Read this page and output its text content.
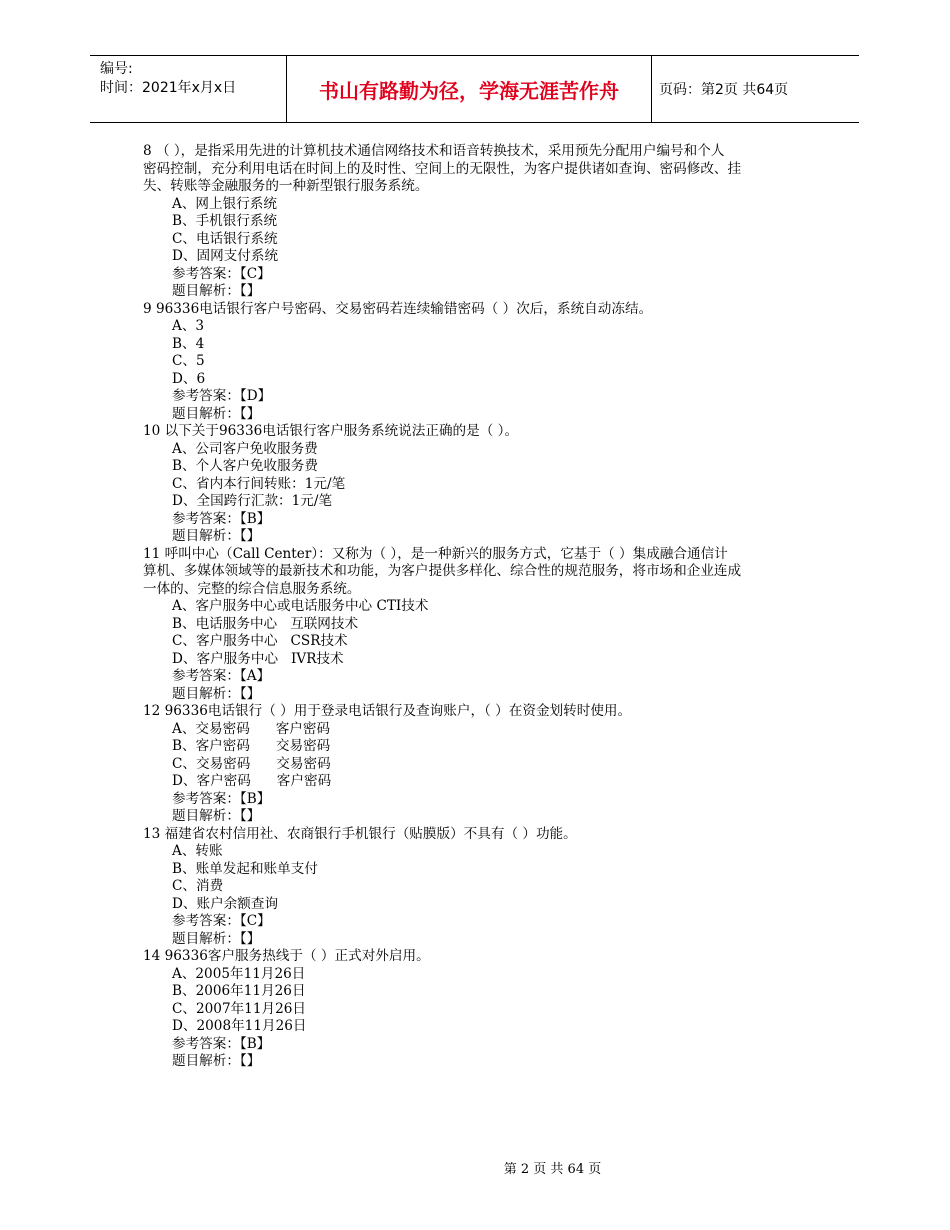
编号:
时间：2021年x月x日	书山有路勤为径，学海无涯苦作舟	页码：第2页 共64页
8 （ ），是指采用先进的计算机技术通信网络技术和语音转换技术，采用预先分配用户编号和个人
密码控制，充分利用电话在时间上的及时性、空间上的无限性，为客户提供诸如查询、密码修改、挂
失、转账等金融服务的一种新型银行服务系统。
A、网上银行系统
B、手机银行系统
C、电话银行系统
D、固网支付系统
参考答案：【C】
题目解析：【】
9 96336电话银行客户号密码、交易密码若连续输错密码（ ）次后，系统自动冻结。
A、3
B、4
C、5
D、6
参考答案：【D】
题目解析：【】
10 以下关于96336电话银行客户服务系统说法正确的是（ ）。
A、公司客户免收服务费
B、个人客户免收服务费
C、省内本行间转账：1元/笔
D、全国跨行汇款：1元/笔
参考答案：【B】
题目解析：【】
11 呼叫中心（Call Center）：又称为（ ），是一种新兴的服务方式，它基于（ ）集成融合通信计
算机、多媒体领域等的最新技术和功能，为客户提供多样化、综合性的规范服务，将市场和企业连成
一体的、完整的综合信息服务系统。
A、客户服务中心或电话服务中心 CTI技术
B、电话服务中心   互联网技术
C、客户服务中心   CSR技术
D、客户服务中心   IVR技术
参考答案：【A】
题目解析：【】
12 96336电话银行（ ）用于登录电话银行及查询账户，（ ）在资金划转时使用。
A、交易密码      客户密码
B、客户密码      交易密码
C、交易密码      交易密码
D、客户密码      客户密码
参考答案：【B】
题目解析：【】
13 福建省农村信用社、农商银行手机银行（贴膜版）不具有（ ）功能。
A、转账
B、账单发起和账单支付
C、消费
D、账户余额查询
参考答案：【C】
题目解析：【】
14 96336客户服务热线于（ ）正式对外启用。
A、2005年11月26日
B、2006年11月26日
C、2007年11月26日
D、2008年11月26日
参考答案：【B】
题目解析：【】
第 2 页 共 64 页
